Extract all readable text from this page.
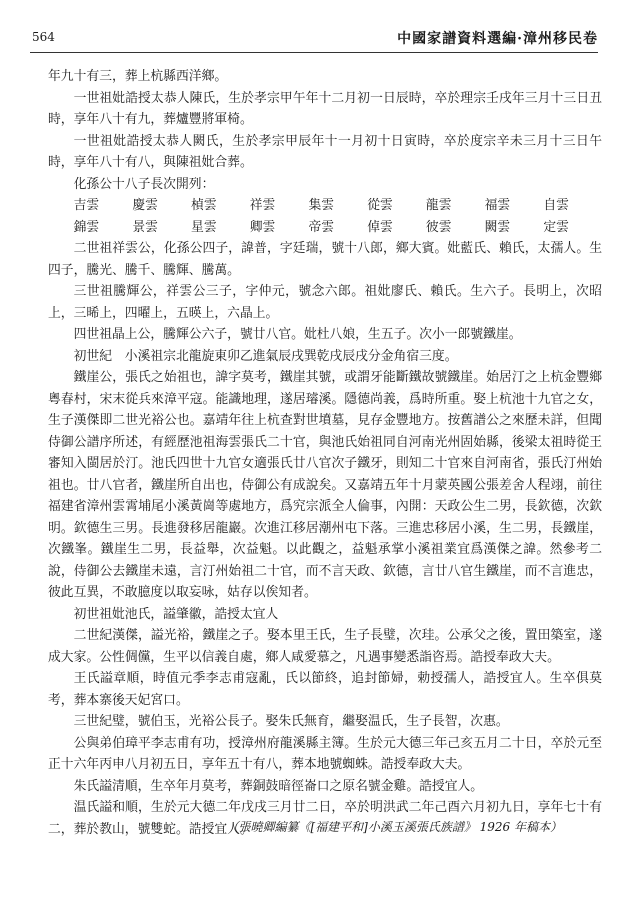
564	中國家譜資料選編·漳州移民卷

年九十有三，葬上杭縣西洋鄉。

一世祖妣誥授太恭人陳氏，生於孝宗甲午年十二月初一日辰時，卒於理宗壬戌年三月十三日丑時，享年八十有九，葬爐豐將軍椅。

一世祖妣誥授太恭人闕氏，生於孝宗甲辰年十一月初十日寅時，卒於度宗辛未三月十三日午時，享年八十有八，與陳祖妣合葬。

化孫公十八子長次開列：

吉雲	慶雲	楨雲	祥雲	集雲	從雲	龍雲	福雲	自雲
錦雲	景雲	星雲	卿雲	帝雲	倬雲	彼雲	闕雲	定雲

二世祖祥雲公，化孫公四子，諱普，字廷瑞，號十八郎，鄉大賓。妣藍氏、賴氏，太孺人。生四子，騰光、騰千、騰輝、騰萬。

三世祖騰輝公，祥雲公三子，字仲元，號念六郎。祖妣廖氏、賴氏。生六子。長明上，次昭上，三晞上，四曜上，五暎上，六晶上。

四世祖晶上公，騰輝公六子，號廿八官。妣杜八娘，生五子。次小一郎號鐵崖。

初世紀　小溪祖宗北龍旋東卯乙進氣辰戌巽乾戌辰戌分金角宿三度。

鐵崖公，張氏之始祖也，諱字莫考，鐵崖其號，或謂牙能斷鐵故號鐵崖。始居汀之上杭金豐鄉粵春村，宋末從兵來漳平寇。能識地理，遂居璿溪。隱德尚義，爲時所重。娶上杭池十九官之女，生子漢傑即二世光裕公也。嘉靖年往上杭查對世墳墓，見存金豐地方。按舊譜公之來歷未詳，但聞侍御公譜序所述，有經歷池祖海雲張氏二十官，與池氏始祖同自河南光州固始縣，後梁太祖時從王審知入閩居於汀。池氏四世十九官女適張氏廿八官次子鐵牙，則知二十官來自河南省，張氏汀州始祖也。廿八官者，鐵崖所自出也，侍御公有成說矣。又嘉靖五年十月蒙英國公張差舍人程翊，前往福建省漳州雲霄埔尾小溪黃崗等處地方，爲究宗派全人倫事，內開：天政公生二男，長欽德，次欽明。欽德生三男。長進發移居龍巖。次進江移居潮州屯下落。三進忠移居小溪，生二男，長鐵崖，次鐵峯。鐵崖生二男，長益舉，次益魁。以此觀之，益魁承掌小溪祖業宜爲漢傑之諱。然參考二說，侍御公去鐵崖未遠，言汀州始祖二十官，而不言天政、欽德，言廿八官生鐵崖，而不言進忠，彼此互異，不敢臆度以取妄咏，姑存以俟知者。

初世祖妣池氏，謚肇徽，誥授太宜人

二世紀漢傑，謚光裕，鐵崖之子。娶本里王氏，生子長璧，次珪。公承父之後，置田築室，遂成大家。公性倜儻，生平以信義自處，鄉人咸愛慕之，凡遇事變悉詣咨焉。誥授奉政大夫。

王氏謚章順，時值元季李志甫寇亂，氏以節終，追封節婦，勅授孺人，誥授宜人。生卒俱莫考，葬本寨後天妃宮口。

三世紀璧，號伯玉，光裕公長子。娶朱氏無育，繼娶温氏，生子長智，次惠。

公與弟伯璋平李志甫有功，授漳州府龍溪縣主簿。生於元大德三年己亥五月二十日，卒於元至正十六年丙申八月初五日，享年五十有八，葬本地號蜘蛛。誥授奉政大夫。

朱氏謚清順，生卒年月莫考，葬銅鼓暗徑崙口之原名號金雞。誥授宜人。

温氏謚和順，生於元大德二年戊戌三月廿二日，卒於明洪武二年己酉六月初九日，享年七十有二，葬於教山，號雙蛇。誥授宜人。

（張曉卿編纂《[福建平和]小溪玉溪張氏族譜》 1926 年稿本）
